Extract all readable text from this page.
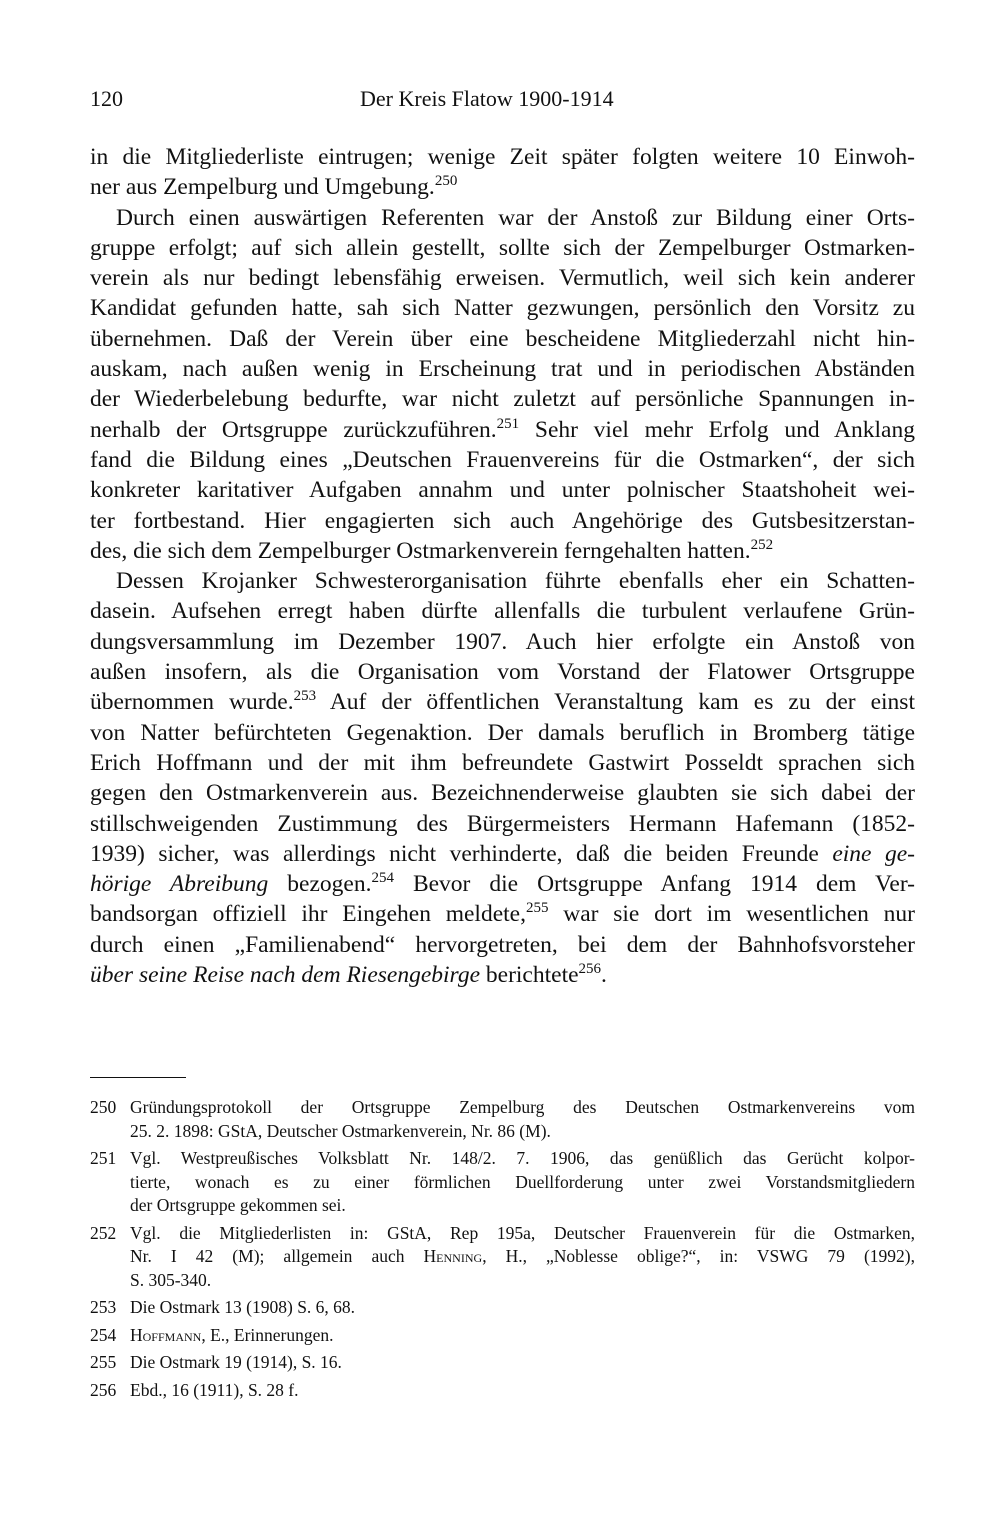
120	Der Kreis Flatow 1900-1914
in die Mitgliederliste eintrugen; wenige Zeit später folgten weitere 10 Einwoh-
ner aus Zempelburg und Umgebung.$^{250}$
Durch einen auswärtigen Referenten war der Anstoß zur Bildung einer Orts-
gruppe erfolgt; auf sich allein gestellt, sollte sich der Zempelburger Ostmarken-
verein als nur bedingt lebensfähig erweisen. Vermutlich, weil sich kein anderer
Kandidat gefunden hatte, sah sich Natter gezwungen, persönlich den Vorsitz zu
übernehmen. Daß der Verein über eine bescheidene Mitgliederzahl nicht hin-
auskam, nach außen wenig in Erscheinung trat und in periodischen Abständen
der Wiederbelebung bedurfte, war nicht zuletzt auf persönliche Spannungen in-
nerhalb der Ortsgruppe zurückzuführen.$^{251}$ Sehr viel mehr Erfolg und Anklang
fand die Bildung eines „Deutschen Frauenvereins für die Ostmarken“, der sich
konkreter karitativer Aufgaben annahm und unter polnischer Staatshoheit wei-
ter fortbestand. Hier engagierten sich auch Angehörige des Gutsbesitzerstan-
des, die sich dem Zempelburger Ostmarkenverein ferngehalten hatten.$^{252}$
Dessen Krojanker Schwesterorganisation führte ebenfalls eher ein Schatten-
dasein. Aufsehen erregt haben dürfte allenfalls die turbulent verlaufene Grün-
dungsversammlung im Dezember 1907. Auch hier erfolgte ein Anstoß von
außen insofern, als die Organisation vom Vorstand der Flatower Ortsgruppe
übernommen wurde.$^{253}$ Auf der öffentlichen Veranstaltung kam es zu der einst
von Natter befürchteten Gegenaktion. Der damals beruflich in Bromberg tätige
Erich Hoffmann und der mit ihm befreundete Gastwirt Posseldt sprachen sich
gegen den Ostmarkenverein aus. Bezeichnenderweise glaubten sie sich dabei der
stillschweigenden Zustimmung des Bürgermeisters Hermann Hafemann (1852-
1939) sicher, was allerdings nicht verhinderte, daß die beiden Freunde eine ge-
hörige Abreibung bezogen.$^{254}$ Bevor die Ortsgruppe Anfang 1914 dem Ver-
bandsorgan offiziell ihr Eingehen meldete,$^{255}$ war sie dort im wesentlichen nur
durch einen „Familienabend“ hervorgetreten, bei dem der Bahnhofsvorsteher
über seine Reise nach dem Riesengebirge berichtete$^{256}$.
250 Gründungsprotokoll der Ortsgruppe Zempelburg des Deutschen Ostmarkenvereins vom
25. 2. 1898: GStA, Deutscher Ostmarkenverein, Nr. 86 (M).
251 Vgl. Westpreußisches Volksblatt Nr. 148/2. 7. 1906, das genüßlich das Gerücht kolpor-
tierte, wonach es zu einer förmlichen Duellforderung unter zwei Vorstandsmitgliedern
der Ortsgruppe gekommen sei.
252 Vgl. die Mitgliederlisten in: GStA, Rep 195a, Deutscher Frauenverein für die Ostmarken,
Nr. I 42 (M); allgemein auch Henning, H., „Noblesse oblige?“, in: VSWG 79 (1992),
S. 305-340.
253 Die Ostmark 13 (1908) S. 6, 68.
254 Hoffmann, E., Erinnerungen.
255 Die Ostmark 19 (1914), S. 16.
256 Ebd., 16 (1911), S. 28 f.
